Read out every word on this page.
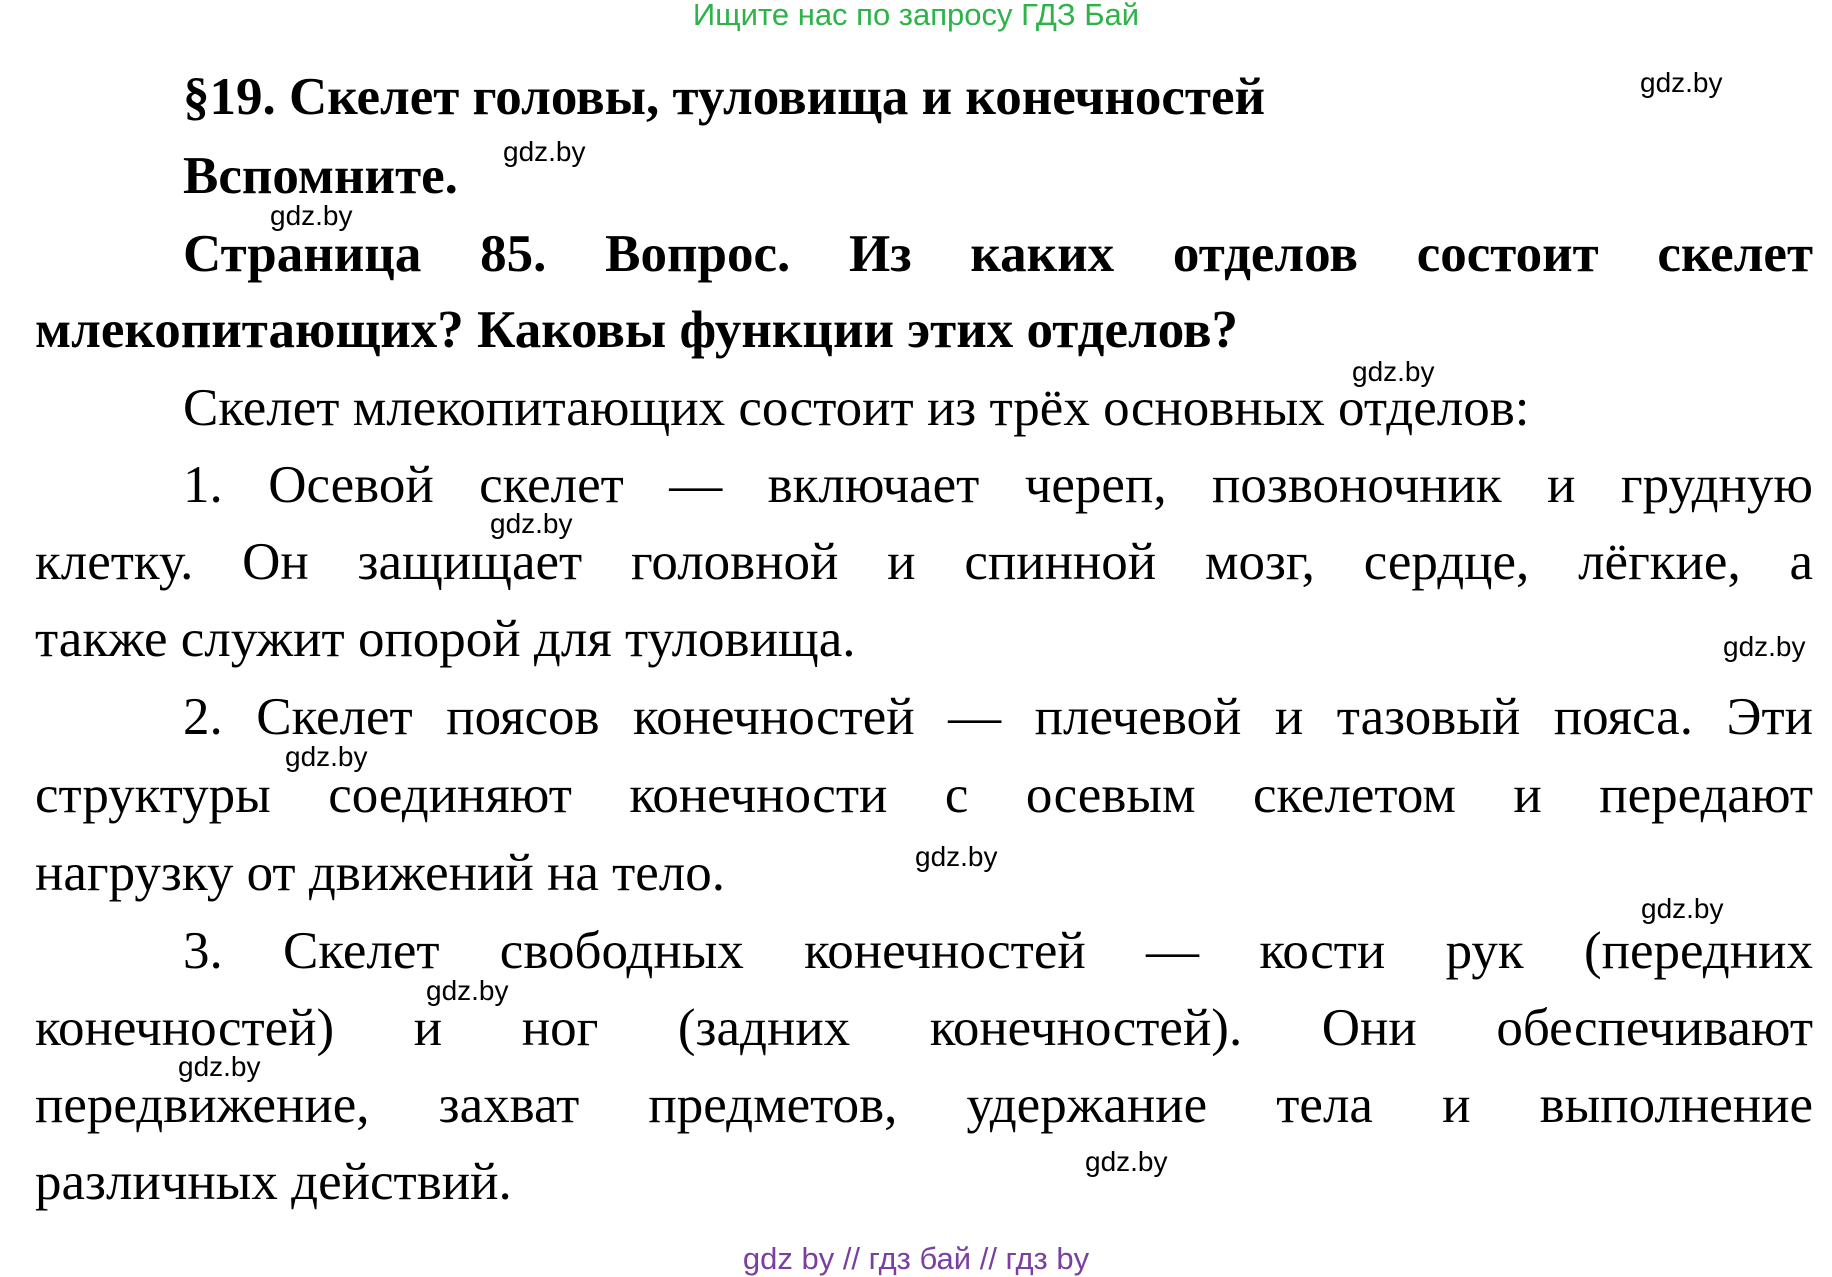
Ищите нас по запросу ГДЗ Бай
§19. Скелет головы, туловища и конечностей
Вспомните.
Страница 85. Вопрос. Из каких отделов состоит скелет
млекопитающих? Каковы функции этих отделов?
Скелет млекопитающих состоит из трёх основных отделов:
1. Осевой скелет — включает череп, позвоночник и грудную
клетку. Он защищает головной и спинной мозг, сердце, лёгкие, а
также служит опорой для туловища.
2. Скелет поясов конечностей — плечевой и тазовый пояса. Эти
структуры соединяют конечности с осевым скелетом и передают
нагрузку от движений на тело.
3. Скелет свободных конечностей — кости рук (передних
конечностей) и ног (задних конечностей). Они обеспечивают
передвижение, захват предметов, удержание тела и выполнение
различных действий.
gdz.by
gdz.by
gdz.by
gdz.by
gdz.by
gdz.by
gdz.by
gdz.by
gdz.by
gdz.by
gdz.by
gdz.by
gdz by // гдз бай // гдз by
